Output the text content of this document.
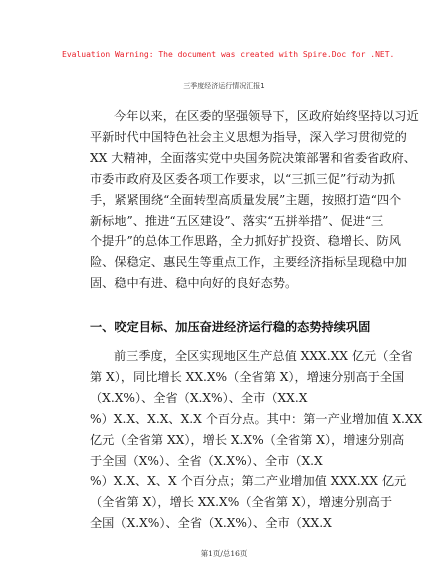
Evaluation Warning: The document was created with Spire.Doc for .NET.
三季度经济运行情况汇报1
今年以来，在区委的坚强领导下，区政府始终坚持以习近
平新时代中国特色社会主义思想为指导，深入学习贯彻党的
XX 大精神，全面落实党中央国务院决策部署和省委省政府、
市委市政府及区委各项工作要求，以“三抓三促”行动为抓
手，紧紧围绕“全面转型高质量发展”主题，按照打造“四个
新标地”、推进“五区建设”、落实“五拼举措”、促进“三
个提升”的总体工作思路，全力抓好扩投资、稳增长、防风
险、保稳定、惠民生等重点工作，主要经济指标呈现稳中加
固、稳中有进、稳中向好的良好态势。
一、咬定目标、加压奋进经济运行稳的态势持续巩固
前三季度，全区实现地区生产总值 XXX.XX 亿元（全省
第 X），同比增长 XX.X%（全省第 X），增速分别高于全国
（X.X%）、全省（X.X%）、全市（XX.X
%）X.X、X.X、X.X 个百分点。其中：第一产业增加值 X.XX
亿元（全省第 XX），增长 X.X%（全省第 X），增速分别高
于全国（X%）、全省（X.X%）、全市（X.X
%）X.X、X、X 个百分点；第二产业增加值 XXX.XX 亿元
（全省第 X），增长 XX.X%（全省第 X），增速分别高于
全国（X.X%）、全省（X.X%）、全市（XX.X
第1页/总16页
